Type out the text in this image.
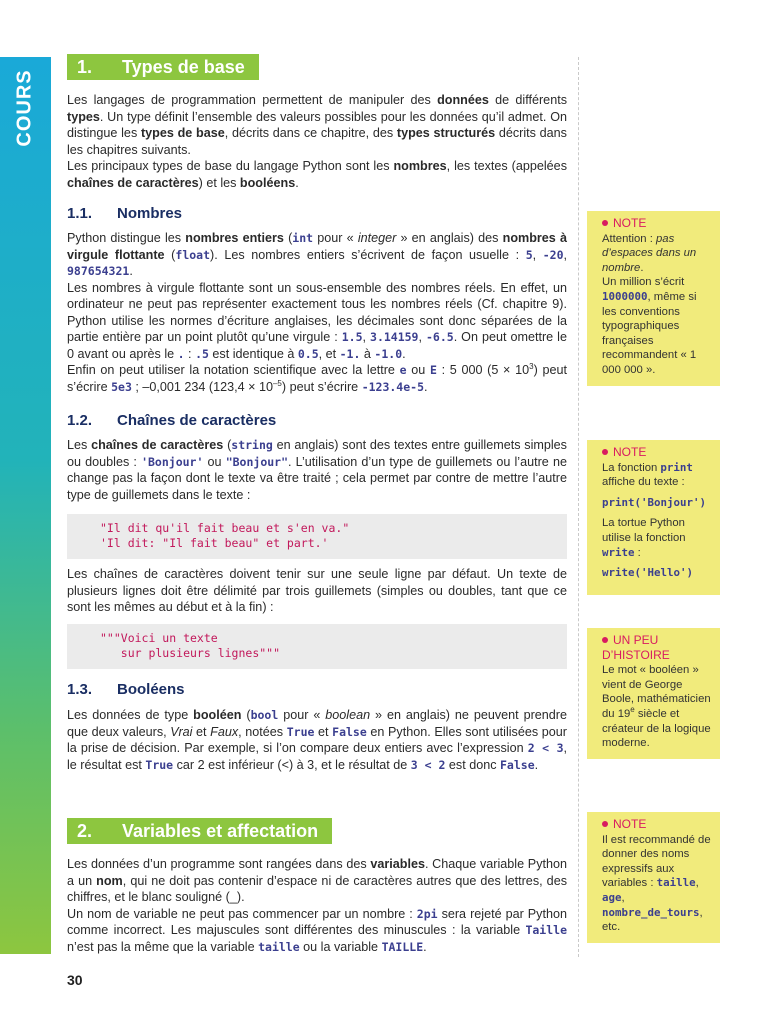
COURS
1. Types de base

Les langages de programmation permettent de manipuler des données de différents types. Un type définit l’ensemble des valeurs possibles pour les données qu’il admet. On distingue les types de base, décrits dans ce chapitre, des types structurés décrits dans les chapitres suivants.

Les principaux types de base du langage Python sont les nombres, les textes (appelées chaînes de caractères) et les booléens.

1.1. Nombres

Python distingue les nombres entiers (int pour « integer » en anglais) des nombres à virgule flottante (float). Les nombres entiers s’écrivent de façon usuelle : 5, -20, 987654321.

Les nombres à virgule flottante sont un sous-ensemble des nombres réels. En effet, un ordinateur ne peut pas représenter exactement tous les nombres réels (Cf. chapitre 9). Python utilise les normes d’écriture anglaises, les décimales sont donc séparées de la partie entière par un point plutôt qu’une virgule : 1.5, 3.14159, -6.5. On peut omettre le 0 avant ou après le . : .5 est identique à 0.5, et -1. à -1.0.

Enfin on peut utiliser la notation scientifique avec la lettre e ou E : 5 000 $(5 \times 10^3)$ peut s’écrire 5e3 ; –0,001 234 $(123,4 \times 10^{-5})$ peut s’écrire -123.4e-5.

1.2. Chaînes de caractères

Les chaînes de caractères (string en anglais) sont des textes entre guillemets simples ou doubles : 'Bonjour' ou "Bonjour". L’utilisation d’un type de guillemets ou l’autre ne change pas la façon dont le texte va être traité ; cela permet par contre de mettre l’autre type de guillemets dans le texte :

"Il dit qu'il fait beau et s'en va."
'Il dit: "Il fait beau" et part.'

Les chaînes de caractères doivent tenir sur une seule ligne par défaut. Un texte de plusieurs lignes doit être délimité par trois guillemets (simples ou doubles, tant que ce sont les mêmes au début et à la fin) :

"""Voici un texte
sur plusieurs lignes"""
1.3. Booléens

Les données de type booléen (bool pour « boolean » en anglais) ne peuvent prendre que deux valeurs, Vrai et Faux, notées True et False en Python. Elles sont utilisées pour la prise de décision. Par exemple, si l’on compare deux entiers avec l’expression 2 < 3, le résultat est True car 2 est inférieur (<) à 3, et le résultat de 3 < 2 est donc False.

2. Variables et affectation

Les données d’un programme sont rangées dans des variables. Chaque variable Python a un nom, qui ne doit pas contenir d’espace ni de caractères autres que des lettres, des chiffres, et le blanc souligné (_).

Un nom de variable ne peut pas commencer par un nombre : 2pi sera rejeté par Python comme incorrect. Les majuscules sont différentes des minuscules : la variable Taille n’est pas la même que la variable taille ou la variable TAILLE.

NOTE
Attention : pas d’espaces dans un nombre.
Un million s’écrit 1000000, même si les conventions typographiques françaises recommandent « 1 000 000 ».
NOTE
La fonction print affiche du texte :
print('Bonjour')
La tortue Python utilise la fonction write :
write('Hello')
UN PEU D’HISTOIRE
Le mot « booléen » vient de George Boole, mathématicien du 19e siècle et créateur de la logique moderne.
NOTE
Il est recommandé de donner des noms expressifs aux variables : taille, age, nombre_de_tours, etc.
30
